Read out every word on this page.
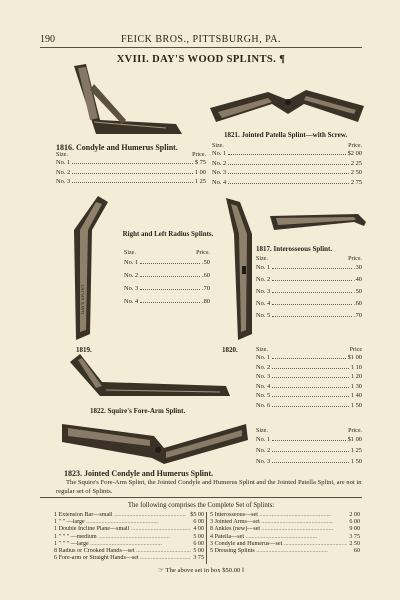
190	FEICK BROS., PITTSBURGH, PA.
XVIII. DAY'S WOOD SPLINTS. ¶
1821. Jointed Patella Splint—with Screw.
1816. Condyle and Humerus Splint.
Size.	Price.
No. 1	$ 75
No. 2	1 00
No. 3	1 25
Size.	Price.
No. 1	$2 00
No. 2	2 25
No. 3	2 50
No. 4	2 75
DAY'S SPLINT
1819.
Right and Left Radius Splints.
Size.	Price.
No. 1	.50
No. 2	.60
No. 3	.70
No. 4	.80
1820.
1817. Interosseous Splint.
Size.	Price.
No. 1	.30
No. 2	.40
No. 3	.50
No. 4	.60
No. 5	.70
Size.	Price
No. 1	$1 00
No. 2	1 10
No. 3	1 20
No. 4	1 30
No. 5	1 40
No. 6	1 50
1822. Squire's Fore-Arm Splint.
Size.	Price.
No. 1	$1 00
No. 2	1 25
No. 3	1 50
1823. Jointed Condyle and Humerus Splint.
The Squire's Fore-Arm Splint, the Jointed Condyle and Humerus Splint and the Jointed Patella Splint, are not in regular set of Splints.
The following comprises the Complete Set of Splints:
1 Extension Bar—small .....	$5 00
1 " " —large .....	6 00
1 Double Incline Plane—small .....	4 00
1 " " " —medium .....	5 00
1 " " " —large .....	6 00
8 Radius or Crooked Hands—set .....	5 00
6 Fore-arm or Straight Hands—set .....	3 75
5 Interosseous—set .....	2 00
3 Jointed Arms—set .....	6 00
8 Ankles (new)—set .....	9 00
4 Patella—set .....	3 75
3 Condyle and Humerus—set .....	2 50
5 Dressing Splints .....	60
☞ The above set in box $50.00 ‖
